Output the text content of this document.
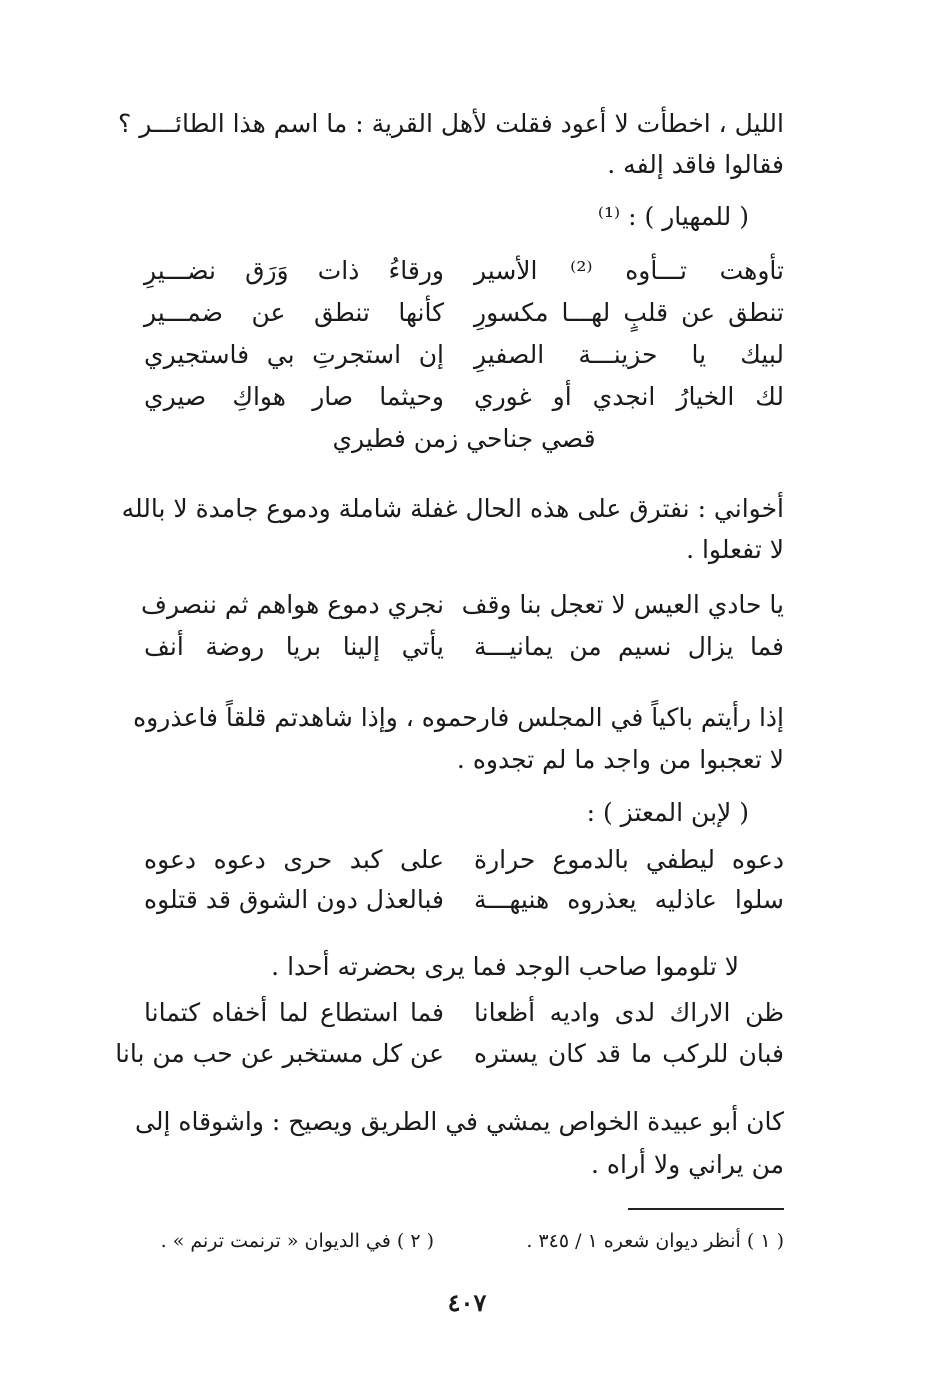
الليل ، اخطأت لا أعود فقلت لأهل القرية : ما اسم هذا الطائـــر ؟
فقالوا فاقد إلفه .
( للمهيار ) : ⁽¹⁾
تأوهت تـــأوه ⁽²⁾ الأسير
ورقاءُ ذات وَرَق نضـــيرِ
تنطق عن قلبٍ لهـــا مكسورِ
كأنها تنطق عن ضمـــير
لبيك يا حزينـــة الصفيرِ
إن استجرتِ بي فاستجيري
لك الخيارُ انجدي أو غوري
وحيثما صار هواكِ صيري
قصي جناحي زمن فطيري
أخواني : نفترق على هذه الحال غفلة شاملة ودموع جامدة لا بالله
لا تفعلوا .
يا حادي العيس لا تعجل بنا وقف
نجري دموع هواهم ثم ننصرف
فما يزال نسيم من يمانيـــة
يأتي إلينا بريا روضة أنف
إذا رأيتم باكياً في المجلس فارحموه ، وإذا شاهدتم قلقاً فاعذروه
لا تعجبوا من واجد ما لم تجدوه .
( لإبن المعتز ) :
دعوه ليطفي بالدموع حرارة
على كبد حرى دعوه دعوه
سلوا عاذليه يعذروه هنيهـــة
فبالعذل دون الشوق قد قتلوه
لا تلوموا صاحب الوجد فما يرى بحضرته أحدا .
ظن الاراك لدى واديه أظعانا
فما استطاع لما أخفاه كتمانا
فبان للركب ما قد كان يستره
عن كل مستخبر عن حب من بانا
كان أبو عبيدة الخواص يمشي في الطريق ويصيح : واشوقاه إلى
من يراني ولا أراه .
( ١ ) أنظر ديوان شعره ١ / ٣٤٥ .
( ٢ ) في الديوان « ترنمت ترنم » .
٤٠٧
